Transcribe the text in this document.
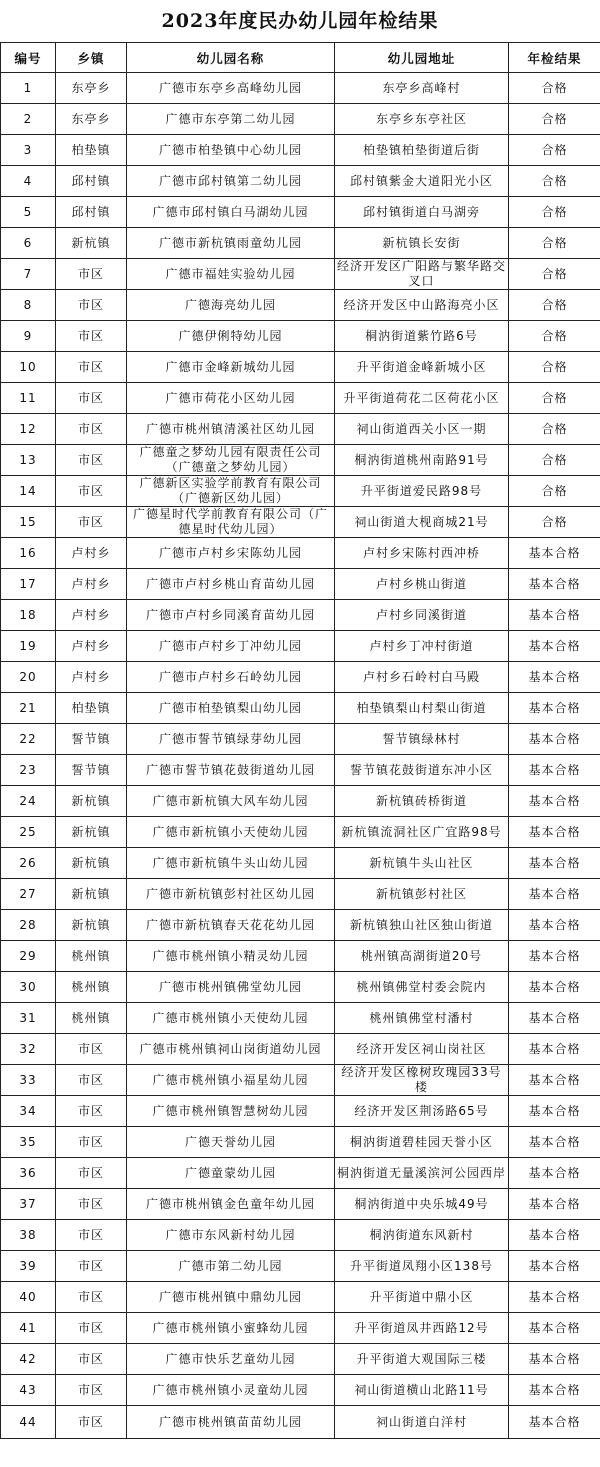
2023年度民办幼儿园年检结果
编号	乡镇	幼儿园名称	幼儿园地址	年检结果
1	东亭乡	广德市东亭乡高峰幼儿园	东亭乡高峰村	合格
2	东亭乡	广德市东亭第二幼儿园	东亭乡东亭社区	合格
3	柏垫镇	广德市柏垫镇中心幼儿园	柏垫镇柏垫街道后街	合格
4	邱村镇	广德市邱村镇第二幼儿园	邱村镇紫金大道阳光小区	合格
5	邱村镇	广德市邱村镇白马湖幼儿园	邱村镇街道白马湖旁	合格
6	新杭镇	广德市新杭镇雨童幼儿园	新杭镇长安街	合格
7	市区	广德市福娃实验幼儿园	经济开发区广阳路与繁华路交叉口	合格
8	市区	广德海亮幼儿园	经济开发区中山路海亮小区	合格
9	市区	广德伊俐特幼儿园	桐汭街道紫竹路6号	合格
10	市区	广德市金峰新城幼儿园	升平街道金峰新城小区	合格
11	市区	广德市荷花小区幼儿园	升平街道荷花二区荷花小区	合格
12	市区	广德市桃州镇清溪社区幼儿园	祠山街道西关小区一期	合格
13	市区	广德童之梦幼儿园有限责任公司（广德童之梦幼儿园）	桐汭街道桃州南路91号	合格
14	市区	广德新区实验学前教育有限公司（广德新区幼儿园）	升平街道爱民路98号	合格
15	市区	广德星时代学前教育有限公司（广德星时代幼儿园）	祠山街道大枧商城21号	合格
16	卢村乡	广德市卢村乡宋陈幼儿园	卢村乡宋陈村西冲桥	基本合格
17	卢村乡	广德市卢村乡桃山育苗幼儿园	卢村乡桃山街道	基本合格
18	卢村乡	广德市卢村乡同溪育苗幼儿园	卢村乡同溪街道	基本合格
19	卢村乡	广德市卢村乡丁冲幼儿园	卢村乡丁冲村街道	基本合格
20	卢村乡	广德市卢村乡石岭幼儿园	卢村乡石岭村白马殿	基本合格
21	柏垫镇	广德市柏垫镇梨山幼儿园	柏垫镇梨山村梨山街道	基本合格
22	誓节镇	广德市誓节镇绿芽幼儿园	誓节镇绿林村	基本合格
23	誓节镇	广德市誓节镇花鼓街道幼儿园	誓节镇花鼓街道东冲小区	基本合格
24	新杭镇	广德市新杭镇大风车幼儿园	新杭镇砖桥街道	基本合格
25	新杭镇	广德市新杭镇小天使幼儿园	新杭镇流洞社区广宜路98号	基本合格
26	新杭镇	广德市新杭镇牛头山幼儿园	新杭镇牛头山社区	基本合格
27	新杭镇	广德市新杭镇彭村社区幼儿园	新杭镇彭村社区	基本合格
28	新杭镇	广德市新杭镇春天花花幼儿园	新杭镇独山社区独山街道	基本合格
29	桃州镇	广德市桃州镇小精灵幼儿园	桃州镇高湖街道20号	基本合格
30	桃州镇	广德市桃州镇佛堂幼儿园	桃州镇佛堂村委会院内	基本合格
31	桃州镇	广德市桃州镇小天使幼儿园	桃州镇佛堂村潘村	基本合格
32	市区	广德市桃州镇祠山岗街道幼儿园	经济开发区祠山岗社区	基本合格
33	市区	广德市桃州镇小福星幼儿园	经济开发区橡树玫瑰园33号楼	基本合格
34	市区	广德市桃州镇智慧树幼儿园	经济开发区荆汤路65号	基本合格
35	市区	广德天誉幼儿园	桐汭街道碧桂园天誉小区	基本合格
36	市区	广德童蒙幼儿园	桐汭街道无量溪滨河公园西岸	基本合格
37	市区	广德市桃州镇金色童年幼儿园	桐汭街道中央乐城49号	基本合格
38	市区	广德市东风新村幼儿园	桐汭街道东风新村	基本合格
39	市区	广德市第二幼儿园	升平街道凤翔小区138号	基本合格
40	市区	广德市桃州镇中鼎幼儿园	升平街道中鼎小区	基本合格
41	市区	广德市桃州镇小蜜蜂幼儿园	升平街道凤井西路12号	基本合格
42	市区	广德市快乐艺童幼儿园	升平街道大观国际三楼	基本合格
43	市区	广德市桃州镇小灵童幼儿园	祠山街道横山北路11号	基本合格
44	市区	广德市桃州镇苗苗幼儿园	祠山街道白洋村	基本合格
